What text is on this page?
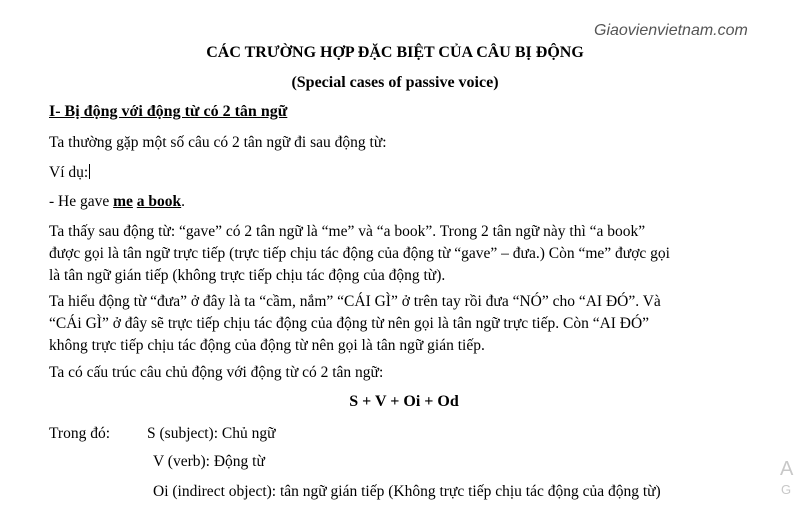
Giaovienvietnam.com
CÁC TRƯỜNG HỢP ĐẶC BIỆT CỦA CÂU BỊ ĐỘNG
(Special cases of passive voice)
I- Bị động với động từ có 2 tân ngữ
Ta thường gặp một số câu có 2 tân ngữ đi sau động từ:
Ví dụ:
- He gave me a book.
Ta thấy sau động từ: “gave” có 2 tân ngữ là “me” và “a book”. Trong 2 tân ngữ này thì “a book”
được gọi là tân ngữ trực tiếp (trực tiếp chịu tác động của động từ “gave” – đưa.) Còn “me” được gọi
là tân ngữ gián tiếp (không trực tiếp chịu tác động của động từ).
Ta hiểu động từ “đưa” ở đây là ta “cầm, nắm” “CÁI GÌ” ở trên tay rồi đưa “NÓ” cho “AI ĐÓ”. Và
“CÁi GÌ” ở đây sẽ trực tiếp chịu tác động của động từ nên gọi là tân ngữ trực tiếp. Còn “AI ĐÓ”
không trực tiếp chịu tác động của động từ nên gọi là tân ngữ gián tiếp.
Ta có cấu trúc câu chủ động với động từ có 2 tân ngữ:
S + V + Oi + Od
Trong đó: S (subject): Chủ ngữ
V (verb): Động từ
Oi (indirect object): tân ngữ gián tiếp (Không trực tiếp chịu tác động của động từ)
A
G
